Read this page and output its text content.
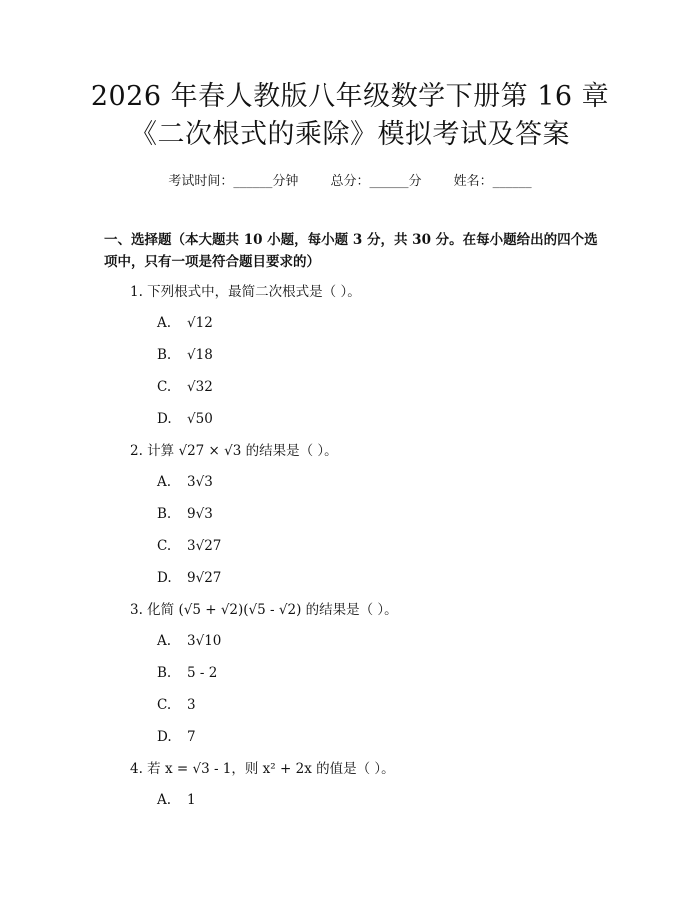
2026 年春人教版八年级数学下册第 16 章
《二次根式的乘除》模拟考试及答案
考试时间：______分钟 总分：______分 姓名：______
一、选择题（本大题共 10 小题，每小题 3 分，共 30 分。在每小题给出的四个选项中，只有一项是符合题目要求的）
1. 下列根式中，最简二次根式是（ ）。
A. √12
B. √18
C. √32
D. √50
2. 计算 √27 × √3 的结果是（ ）。
A. 3√3
B. 9√3
C. 3√27
D. 9√27
3. 化简 (√5 + √2)(√5 - √2) 的结果是（ ）。
A. 3√10
B. 5 - 2
C. 3
D. 7
4. 若 x = √3 - 1，则 x² + 2x 的值是（ ）。
A. 1
